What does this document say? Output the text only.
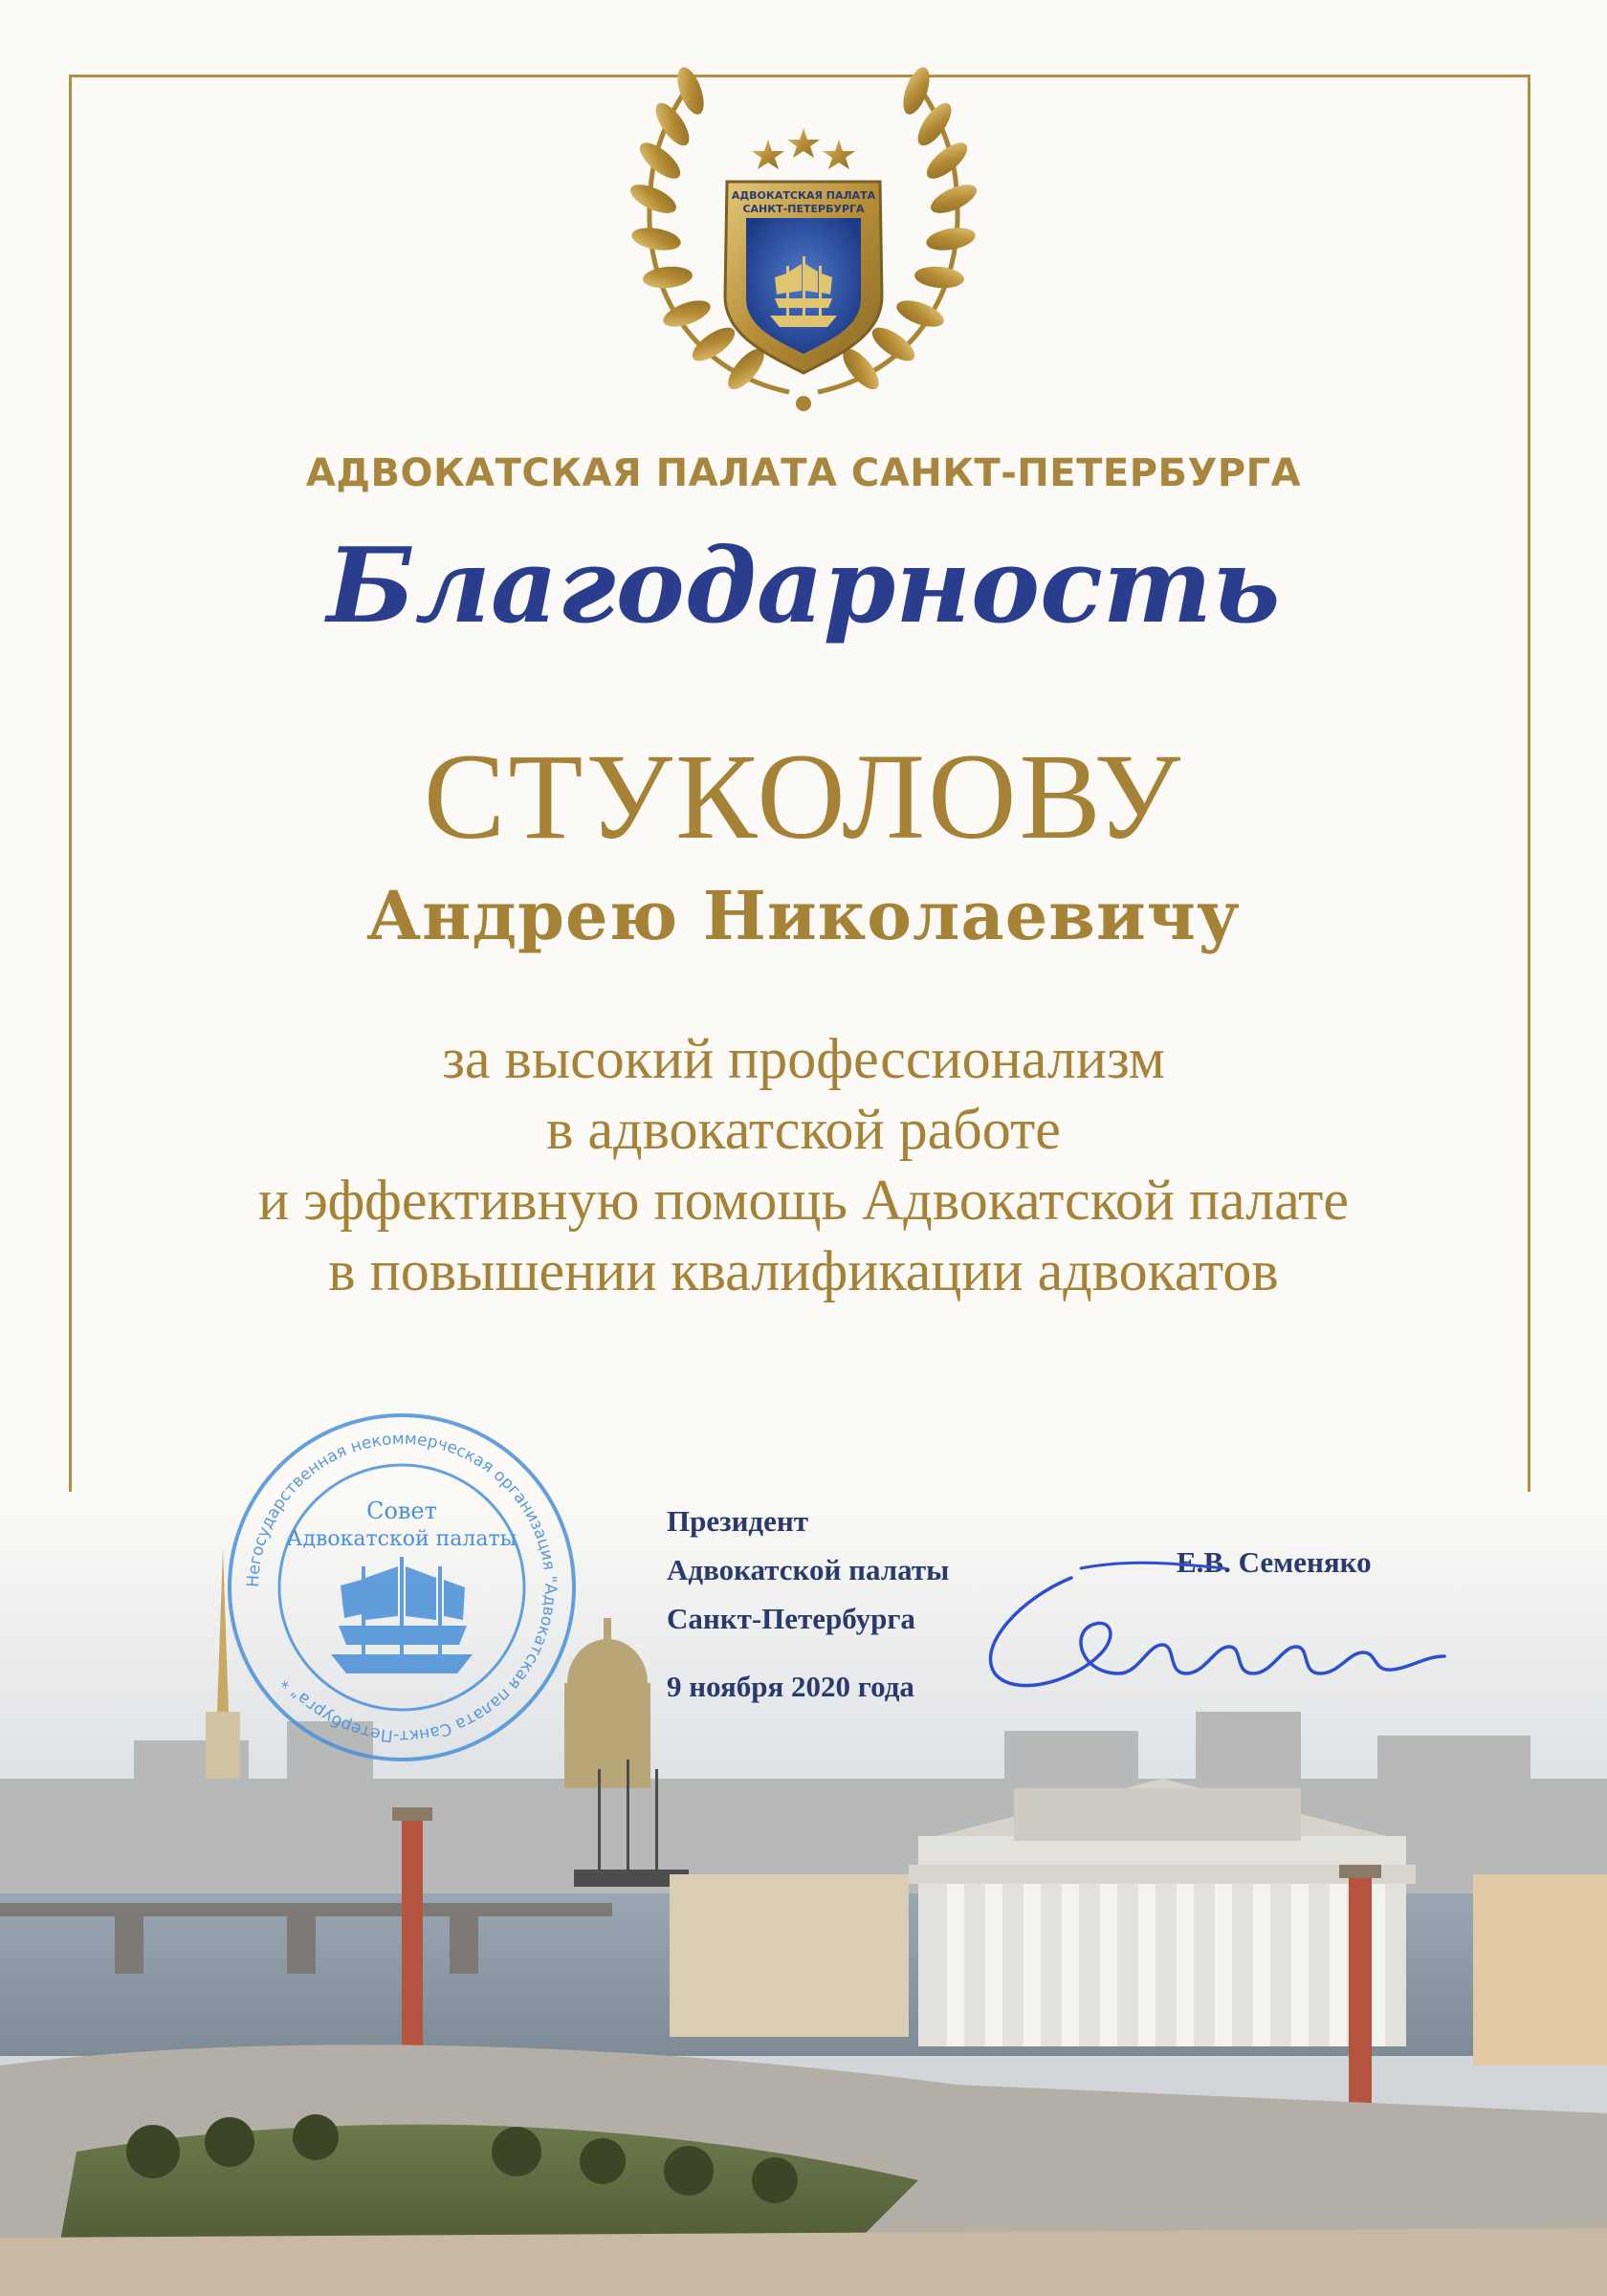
АДВОКАТСКАЯ ПАЛАТА
САНКТ-ПЕТЕРБУРГА
АДВОКАТСКАЯ ПАЛАТА САНКТ-ПЕТЕРБУРГА
Благодарность
СТУКОЛОВУ
Андрею Николаевичу
за высокий профессионализм
в адвокатской работе
и эффективную помощь Адвокатской палате
в повышении квалификации адвокатов
Негосударственная некоммерческая организация "Адвокатская палата Санкт-Петербурга" *
Совет
Адвокатской палаты
Президент
Адвокатской палаты
Санкт-Петербурга
Е.В. Семеняко
9 ноября 2020 года
